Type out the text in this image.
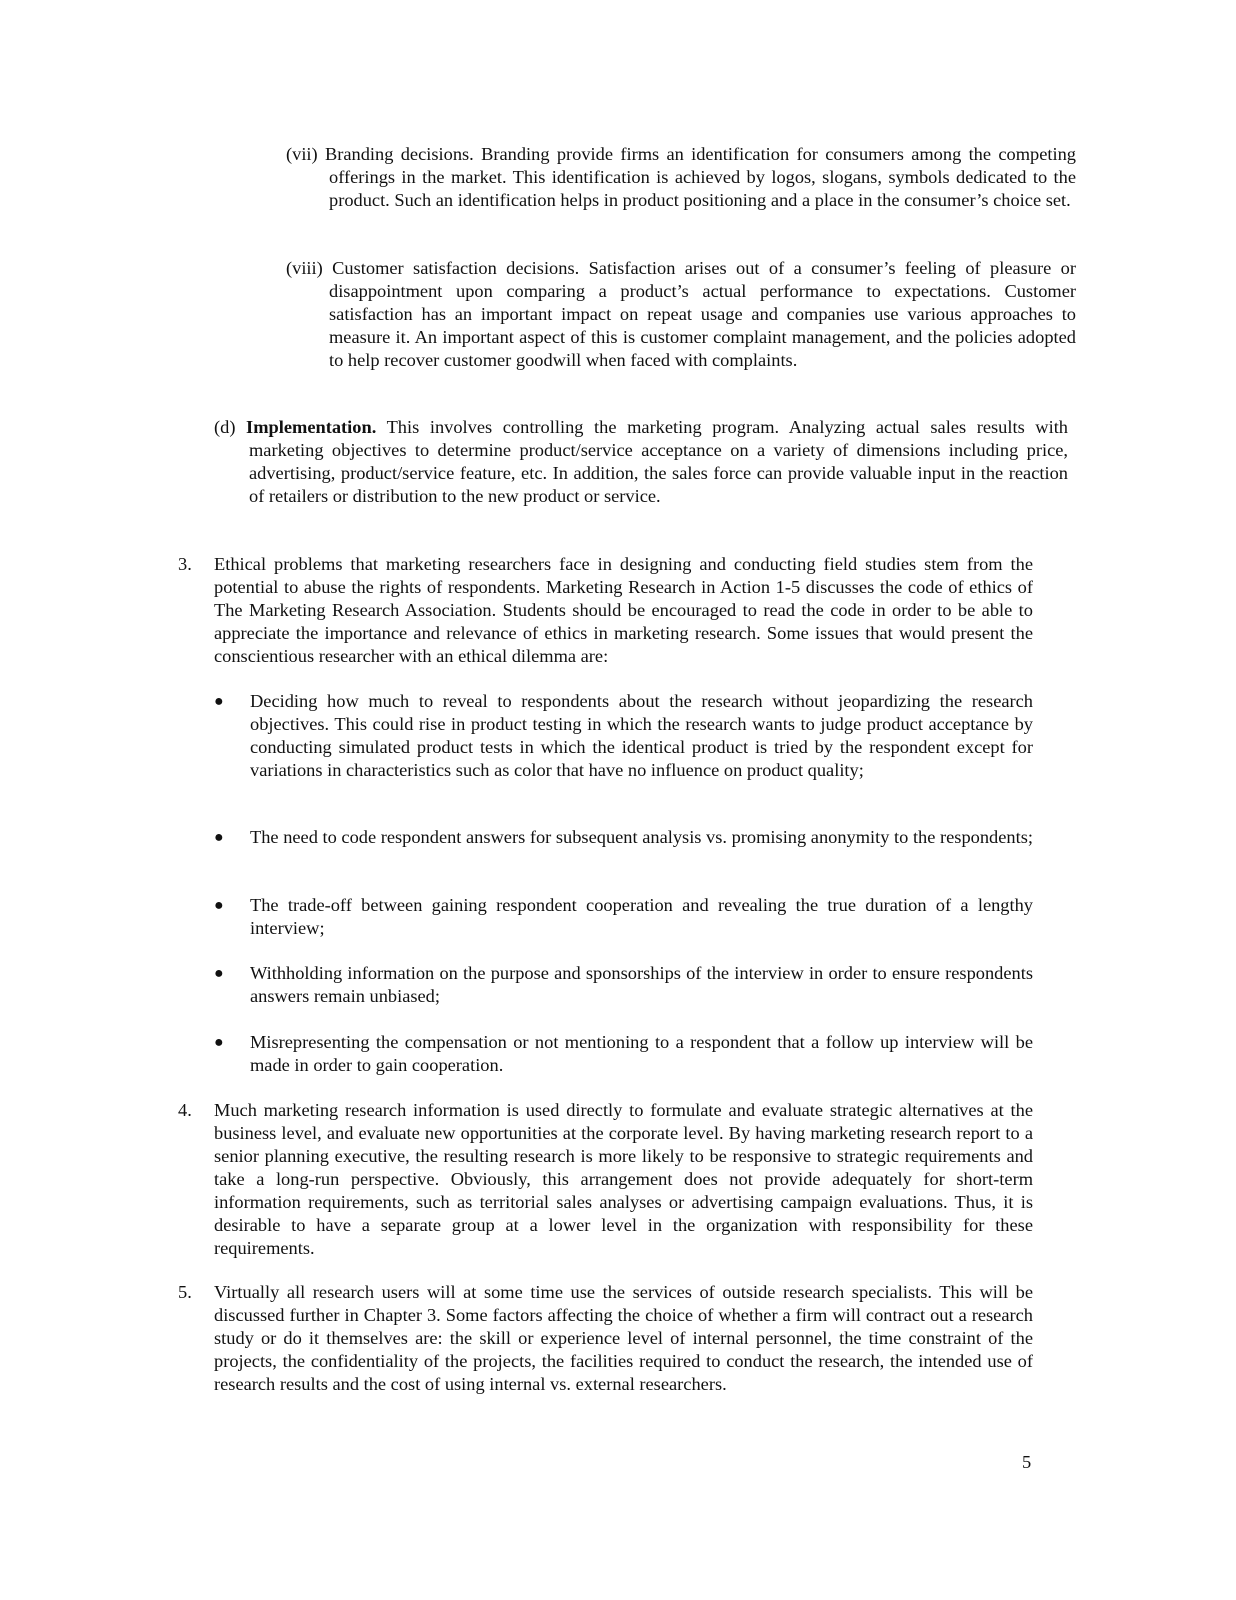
(vii) Branding decisions. Branding provide firms an identification for consumers among the competing offerings in the market. This identification is achieved by logos, slogans, symbols dedicated to the product. Such an identification helps in product positioning and a place in the consumer’s choice set.
(viii) Customer satisfaction decisions. Satisfaction arises out of a consumer’s feeling of pleasure or disappointment upon comparing a product’s actual performance to expectations. Customer satisfaction has an important impact on repeat usage and companies use various approaches to measure it. An important aspect of this is customer complaint management, and the policies adopted to help recover customer goodwill when faced with complaints.
(d) Implementation. This involves controlling the marketing program. Analyzing actual sales results with marketing objectives to determine product/service acceptance on a variety of dimensions including price, advertising, product/service feature, etc. In addition, the sales force can provide valuable input in the reaction of retailers or distribution to the new product or service.
3. Ethical problems that marketing researchers face in designing and conducting field studies stem from the potential to abuse the rights of respondents. Marketing Research in Action 1-5 discusses the code of ethics of The Marketing Research Association. Students should be encouraged to read the code in order to be able to appreciate the importance and relevance of ethics in marketing research. Some issues that would present the conscientious researcher with an ethical dilemma are:
● Deciding how much to reveal to respondents about the research without jeopardizing the research objectives. This could rise in product testing in which the research wants to judge product acceptance by conducting simulated product tests in which the identical product is tried by the respondent except for variations in characteristics such as color that have no influence on product quality;
● The need to code respondent answers for subsequent analysis vs. promising anonymity to the respondents;
● The trade-off between gaining respondent cooperation and revealing the true duration of a lengthy interview;
● Withholding information on the purpose and sponsorships of the interview in order to ensure respondents answers remain unbiased;
● Misrepresenting the compensation or not mentioning to a respondent that a follow up interview will be made in order to gain cooperation.
4. Much marketing research information is used directly to formulate and evaluate strategic alternatives at the business level, and evaluate new opportunities at the corporate level. By having marketing research report to a senior planning executive, the resulting research is more likely to be responsive to strategic requirements and take a long-run perspective. Obviously, this arrangement does not provide adequately for short-term information requirements, such as territorial sales analyses or advertising campaign evaluations. Thus, it is desirable to have a separate group at a lower level in the organization with responsibility for these requirements.
5. Virtually all research users will at some time use the services of outside research specialists. This will be discussed further in Chapter 3. Some factors affecting the choice of whether a firm will contract out a research study or do it themselves are: the skill or experience level of internal personnel, the time constraint of the projects, the confidentiality of the projects, the facilities required to conduct the research, the intended use of research results and the cost of using internal vs. external researchers.
5
